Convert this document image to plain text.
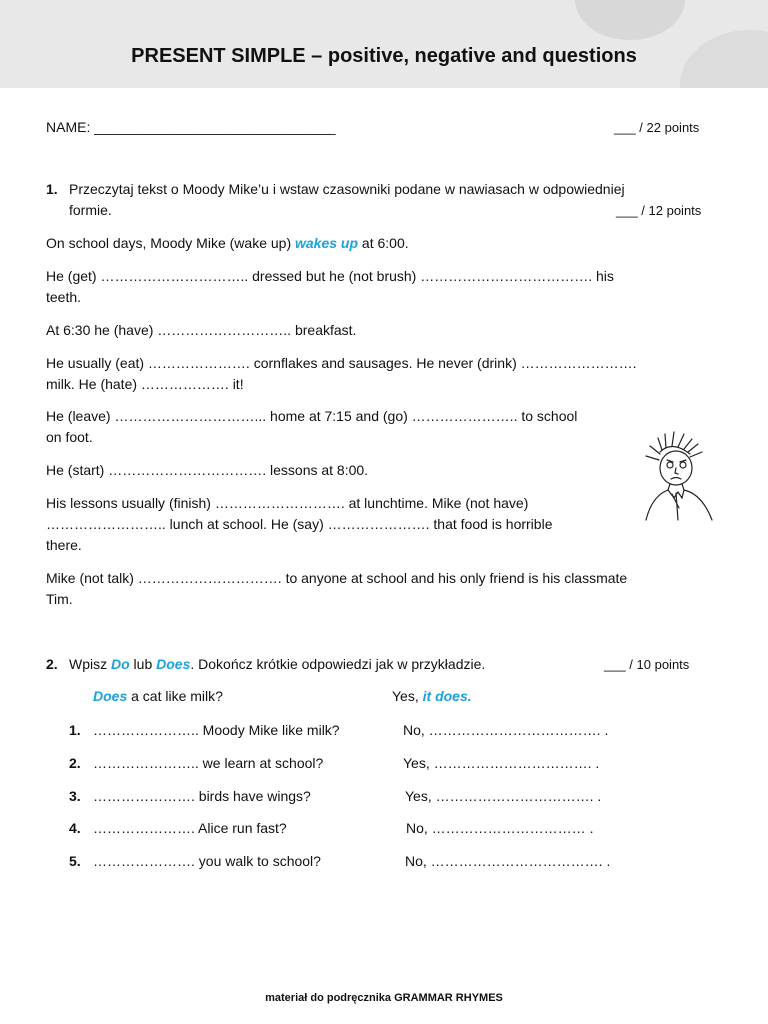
PRESENT SIMPLE – positive, negative and questions
NAME: _______________________________	___ / 22 points
1. Przeczytaj tekst o Moody Mike’u i wstaw czasowniki podane w nawiasach w odpowiedniej
formie.	___ / 12 points
On school days, Moody Mike (wake up) wakes up at 6:00.
He (get) ………………………….. dressed but he (not brush) ………………………………. his
teeth.
At 6:30 he (have) ……………………….. breakfast.
He usually (eat) …………………. cornflakes and sausages. He never (drink) …………………….
milk. He (hate) ………………. it!
He (leave) …………………………... home at 7:15 and (go) ………………….. to school
on foot.
He (start) ……………………………. lessons at 8:00.
His lessons usually (finish) ………………………. at lunchtime. Mike (not have)
…………………….. lunch at school. He (say) …………………. that food is horrible
there.
Mike (not talk) …………………………. to anyone at school and his only friend is his classmate
Tim.
2. Wpisz Do lub Does. Dokończ krótkie odpowiedzi jak w przykładzie.	___ / 10 points
Does a cat like milk?	Yes, it does.
1. ………………….. Moody Mike like milk?	No, ………………………………. .
2. ………………….. we learn at school?	Yes, ……………………………. .
3. …………………. birds have wings?	Yes, ……………………………. .
4. …………………. Alice run fast?	No, …………………………… .
5. …………………. you walk to school?	No, ………………………………. .
materiał do podręcznika GRAMMAR RHYMES
